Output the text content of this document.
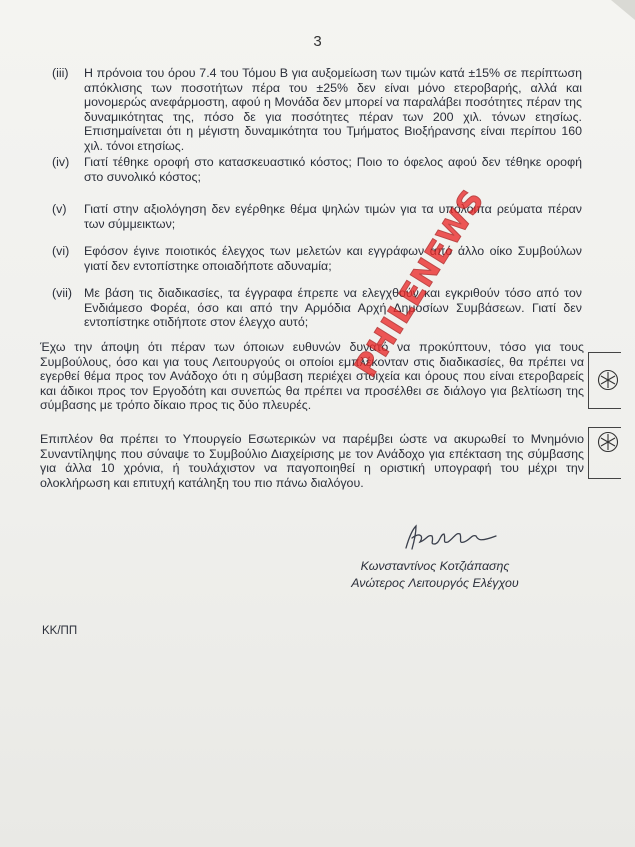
3
(iii) Η πρόνοια του όρου 7.4 του Τόμου Β για αυξομείωση των τιμών κατά ±15% σε περίπτωση απόκλισης των ποσοτήτων πέρα του ±25% δεν είναι μόνο ετεροβαρής, αλλά και μονομερώς ανεφάρμοστη, αφού η Μονάδα δεν μπορεί να παραλάβει ποσότητες πέραν της δυναμικότητας της, πόσο δε για ποσότητες πέραν των 200 χιλ. τόνων ετησίως. Επισημαίνεται ότι η μέγιστη δυναμικότητα του Τμήματος Βιοξήρανσης είναι περίπου 160 χιλ. τόνοι ετησίως.
(iv) Γιατί τέθηκε οροφή στο κατασκευαστικό κόστος; Ποιο το όφελος αφού δεν τέθηκε οροφή στο συνολικό κόστος;
(v) Γιατί στην αξιολόγηση δεν εγέρθηκε θέμα ψηλών τιμών για τα υπόλοιπα ρεύματα πέραν των σύμμεικτων;
(vi) Εφόσον έγινε ποιοτικός έλεγχος των μελετών και εγγράφων από άλλο οίκο Συμβούλων γιατί δεν εντοπίστηκε οποιαδήποτε αδυναμία;
(vii) Με βάση τις διαδικασίες, τα έγγραφα έπρεπε να ελεγχθούν και εγκριθούν τόσο από τον Ενδιάμεσο Φορέα, όσο και από την Αρμόδια Αρχή Δημοσίων Συμβάσεων. Γιατί δεν εντοπίστηκε οτιδήποτε στον έλεγχο αυτό;
Έχω την άποψη ότι πέραν των όποιων ευθυνών δυνατό να προκύπτουν, τόσο για τους Συμβούλους, όσο και για τους Λειτουργούς οι οποίοι εμπλέκονταν στις διαδικασίες, θα πρέπει να εγερθεί θέμα προς τον Ανάδοχο ότι η σύμβαση περιέχει στοιχεία και όρους που είναι ετεροβαρείς και άδικοι προς τον Εργοδότη και συνεπώς θα πρέπει να προσέλθει σε διάλογο για βελτίωση της σύμβασης με τρόπο δίκαιο προς τις δύο πλευρές.
Επιπλέον θα πρέπει το Υπουργείο Εσωτερικών να παρέμβει ώστε να ακυρωθεί το Μνημόνιο Συναντίληψης που σύναψε το Συμβούλιο Διαχείρισης με τον Ανάδοχο για επέκταση της σύμβασης για άλλα 10 χρόνια, ή τουλάχιστον να παγοποιηθεί η οριστική υπογραφή του μέχρι την ολοκλήρωση και επιτυχή κατάληξη του πιο πάνω διαλόγου.
PHILENEWS
Κωνσταντίνος Κοτζιάπασης
Ανώτερος Λειτουργός Ελέγχου
ΚΚ/ΠΠ
